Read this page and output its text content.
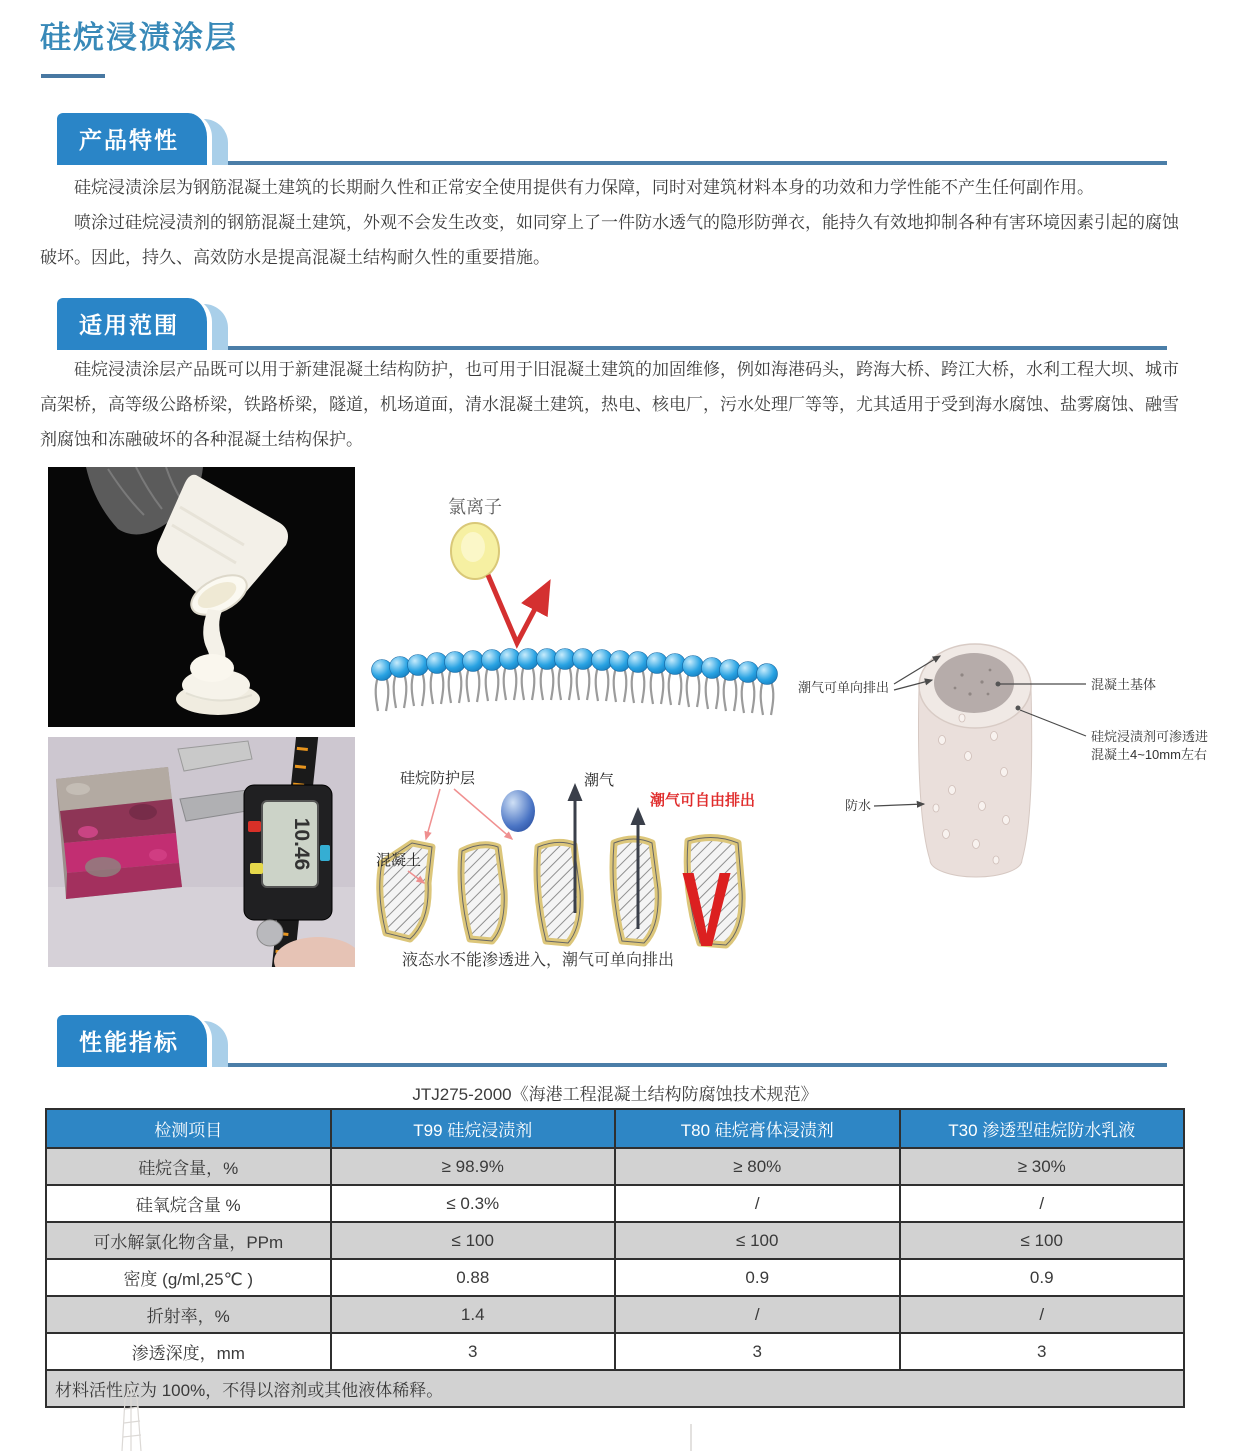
硅烷浸渍涂层
产品特性

硅烷浸渍涂层为钢筋混凝土建筑的长期耐久性和正常安全使用提供有力保障，同时对建筑材料本身的功效和力学性能不产生任何副作用。

喷涂过硅烷浸渍剂的钢筋混凝土建筑，外观不会发生改变，如同穿上了一件防水透气的隐形防弹衣，能持久有效地抑制各种有害环境因素引起的腐蚀破坏。因此，持久、高效防水是提高混凝土结构耐久性的重要措施。

适用范围

硅烷浸渍涂层产品既可以用于新建混凝土结构防护，也可用于旧混凝土建筑的加固维修，例如海港码头，跨海大桥、跨江大桥，水利工程大坝、城市高架桥，高等级公路桥梁，铁路桥梁，隧道，机场道面，清水混凝土建筑，热电、核电厂，污水处理厂等等，尤其适用于受到海水腐蚀、盐雾腐蚀、融雪剂腐蚀和冻融破坏的各种混凝土结构保护。

氯离子
10.46
潮气
潮气可自由排出
硅烷防护层
混凝土	V
液态水不能渗透进入，潮气可单向排出
潮气可单向排出
防水
混凝土基体
硅烷浸渍剂可渗透进
混凝土4~10mm左右
性能指标
JTJ275-2000《海港工程混凝土结构防腐蚀技术规范》
检测项目	T99 硅烷浸渍剂	T80 硅烷膏体浸渍剂	T30 渗透型硅烷防水乳液
硅烷含量，%	≥ 98.9%	≥ 80%	≥ 30%
硅氧烷含量 %	≤ 0.3%	/	/
可水解氯化物含量，PPm	≤ 100	≤ 100	≤ 100
密度 (g/ml,25℃ )	0.88	0.9	0.9
折射率，%	1.4	/	/
渗透深度，mm	3	3	3
材料活性应为 100%，不得以溶剂或其他液体稀释。			
